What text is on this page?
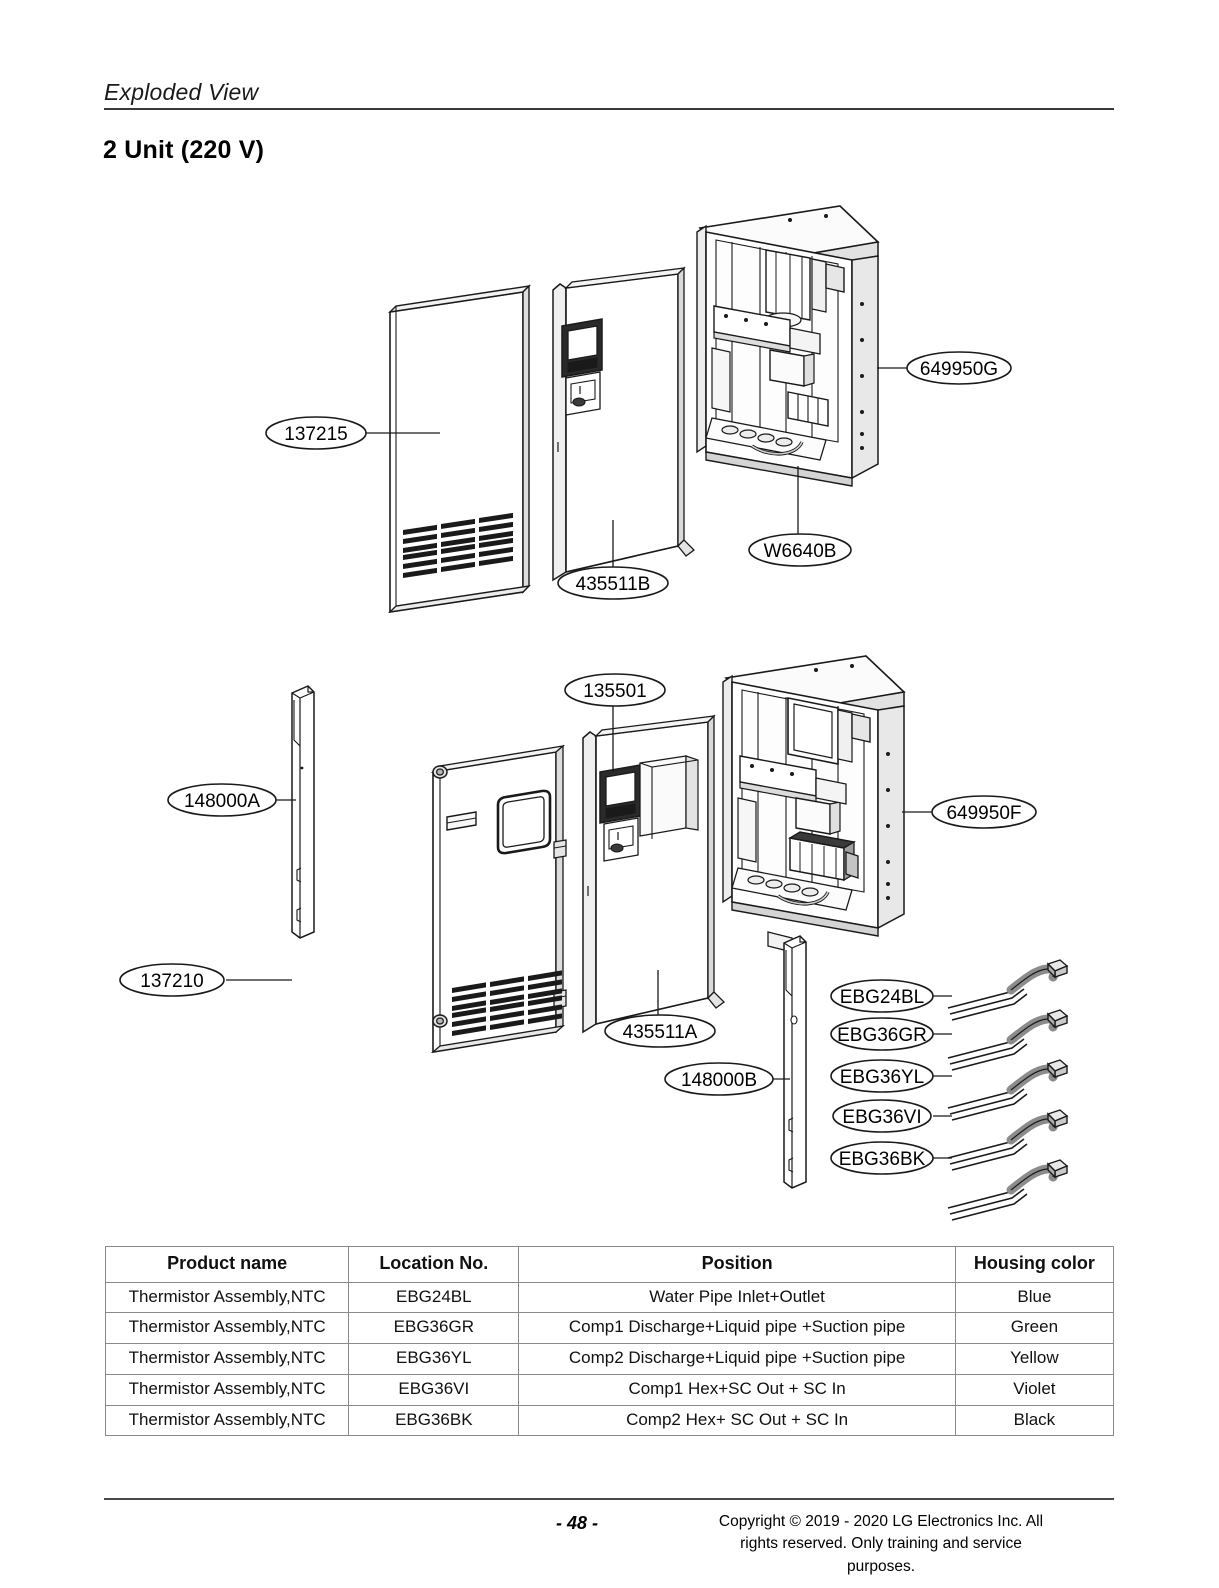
Exploded View
2 Unit (220 V)
137215
435511B
649950G
W6640B
148000A
137210
135501
435511A
649950F
148000B
EBG24BL
EBG36GR
EBG36YL
EBG36VI
EBG36BK
Product name	Location No.	Position	Housing color
Thermistor Assembly,NTC	EBG24BL	Water Pipe Inlet+Outlet	Blue
Thermistor Assembly,NTC	EBG36GR	Comp1 Discharge+Liquid pipe +Suction pipe	Green
Thermistor Assembly,NTC	EBG36YL	Comp2 Discharge+Liquid pipe +Suction pipe	Yellow
Thermistor Assembly,NTC	EBG36VI	Comp1 Hex+SC Out + SC In	Violet
Thermistor Assembly,NTC	EBG36BK	Comp2 Hex+ SC Out + SC In	Black
- 48 -	Copyright © 2019 - 2020 LG Electronics Inc. All rights reserved. Only training and service purposes.
